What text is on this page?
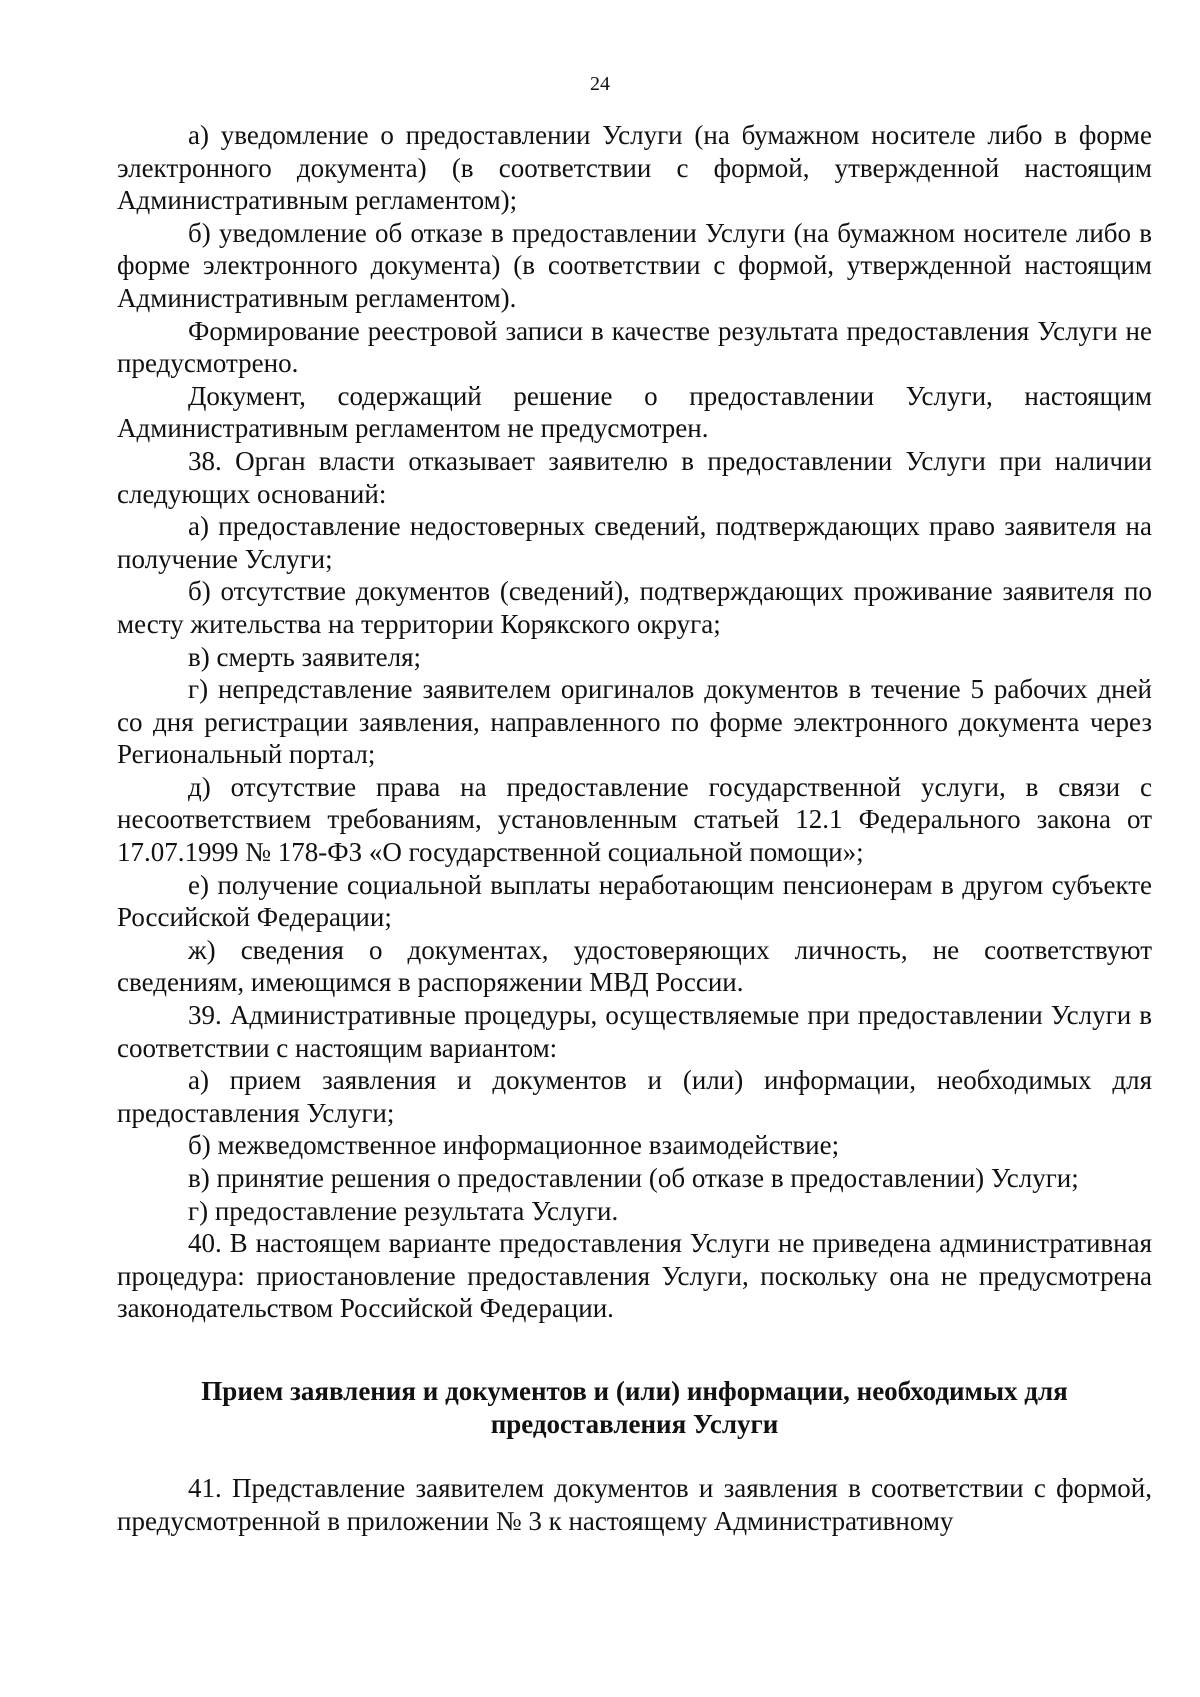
24

а) уведомление о предоставлении Услуги (на бумажном носителе либо в форме электронного документа) (в соответствии с формой, утвержденной настоящим Административным регламентом);

б) уведомление об отказе в предоставлении Услуги (на бумажном носителе либо в форме электронного документа) (в соответствии с формой, утвержденной настоящим Административным регламентом).

Формирование реестровой записи в качестве результата предоставления Услуги не предусмотрено.

Документ, содержащий решение о предоставлении Услуги, настоящим Административным регламентом не предусмотрен.

38. Орган власти отказывает заявителю в предоставлении Услуги при наличии следующих оснований:

а) предоставление недостоверных сведений, подтверждающих право заявителя на получение Услуги;

б) отсутствие документов (сведений), подтверждающих проживание заявителя по месту жительства на территории Корякского округа;

в) смерть заявителя;

г) непредставление заявителем оригиналов документов в течение 5 рабочих дней со дня регистрации заявления, направленного по форме электронного документа через Региональный портал;

д) отсутствие права на предоставление государственной услуги, в связи с несоответствием требованиям, установленным статьей 12.1 Федерального закона от 17.07.1999 № 178-ФЗ «О государственной социальной помощи»;

е) получение социальной выплаты неработающим пенсионерам в другом субъекте Российской Федерации;

ж) сведения о документах, удостоверяющих личность, не соответствуют сведениям, имеющимся в распоряжении МВД России.

39. Административные процедуры, осуществляемые при предоставлении Услуги в соответствии с настоящим вариантом:

а) прием заявления и документов и (или) информации, необходимых для предоставления Услуги;

б) межведомственное информационное взаимодействие;

в) принятие решения о предоставлении (об отказе в предоставлении) Услуги;

г) предоставление результата Услуги.

40. В настоящем варианте предоставления Услуги не приведена административная процедура: приостановление предоставления Услуги, поскольку она не предусмотрена законодательством Российской Федерации.

Прием заявления и документов и (или) информации, необходимых для предоставления Услуги

41. Представление заявителем документов и заявления в соответствии с формой, предусмотренной в приложении № 3 к настоящему Административному
